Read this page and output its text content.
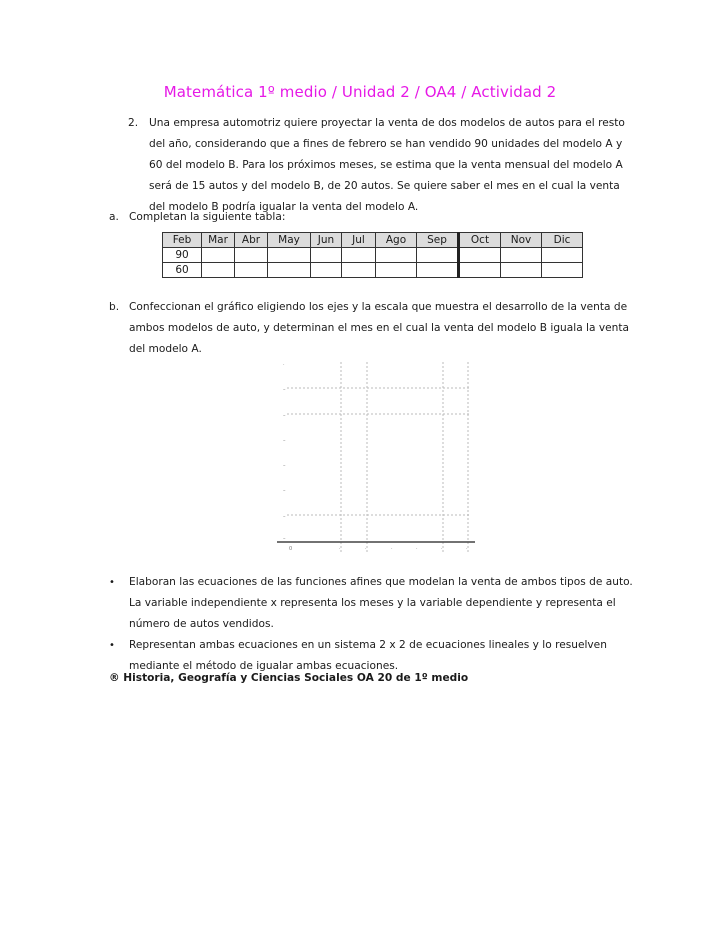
Matemática 1º medio / Unidad 2 / OA4 / Actividad 2
2. Una empresa automotriz quiere proyectar la venta de dos modelos de autos para el resto
del año, considerando que a fines de febrero se han vendido 90 unidades del modelo A y
60 del modelo B. Para los próximos meses, se estima que la venta mensual del modelo A
será de 15 autos y del modelo B, de 20 autos. Se quiere saber el mes en el cual la venta
del modelo B podría igualar la venta del modelo A.
a. Completan la siguiente tabla:
Feb	Mar	Abr	May	Jun	Jul	Ago	Sep	Oct	Nov	Dic
90										
60										
b. Confeccionan el gráfico eligiendo los ejes y la escala que muestra el desarrollo de la venta de
ambos modelos de auto, y determinan el mes en el cual la venta del modelo B iguala la venta
del modelo A.
·
–
–
–
–
–
–
–
0	·	·	·	·	·	·
• Elaboran las ecuaciones de las funciones afines que modelan la venta de ambos tipos de auto.
La variable independiente x representa los meses y la variable dependiente y representa el
número de autos vendidos.
• Representan ambas ecuaciones en un sistema 2 x 2 de ecuaciones lineales y lo resuelven
mediante el método de igualar ambas ecuaciones.
® Historia, Geografía y Ciencias Sociales OA 20 de 1º medio
